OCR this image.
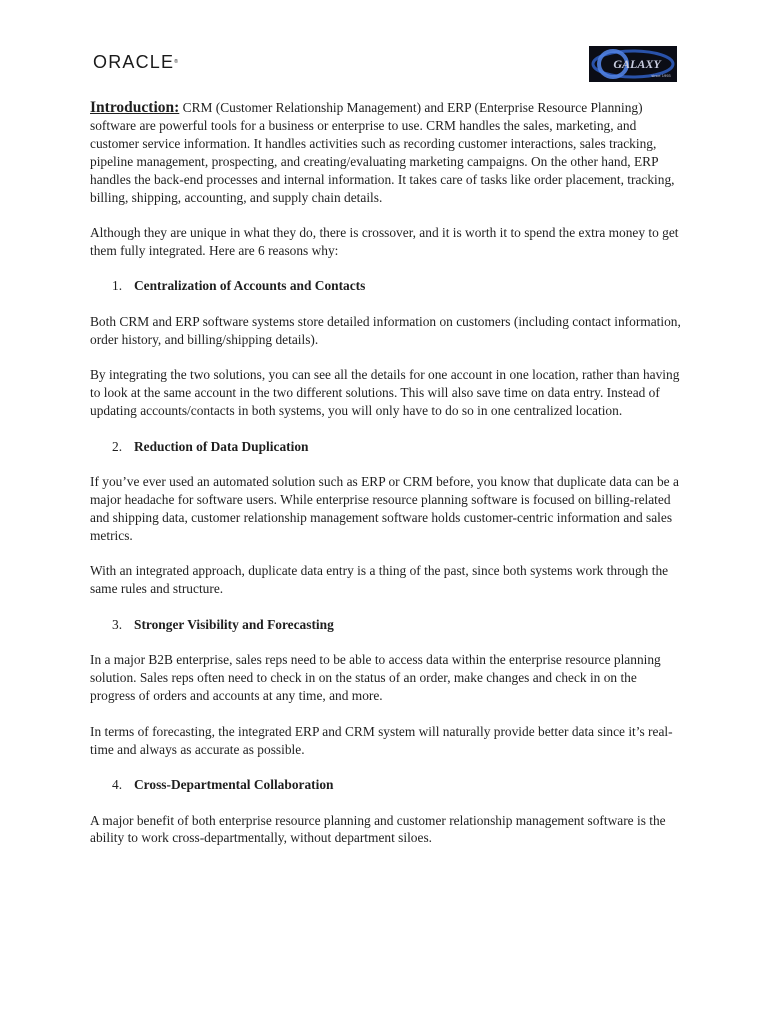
ORACLE®	GALAXY
since 1993

Introduction: CRM (Customer Relationship Management) and ERP (Enterprise Resource Planning) software are powerful tools for a business or enterprise to use. CRM handles the sales, marketing, and customer service information. It handles activities such as recording customer interactions, sales tracking, pipeline management, prospecting, and creating/evaluating marketing campaigns. On the other hand, ERP handles the back-end processes and internal information. It takes care of tasks like order placement, tracking, billing, shipping, accounting, and supply chain details.

Although they are unique in what they do, there is crossover, and it is worth it to spend the extra money to get them fully integrated. Here are 6 reasons why:

1. Centralization of Accounts and Contacts

Both CRM and ERP software systems store detailed information on customers (including contact information, order history, and billing/shipping details).

By integrating the two solutions, you can see all the details for one account in one location, rather than having to look at the same account in the two different solutions. This will also save time on data entry. Instead of updating accounts/contacts in both systems, you will only have to do so in one centralized location.

2. Reduction of Data Duplication

If you’ve ever used an automated solution such as ERP or CRM before, you know that duplicate data can be a major headache for software users. While enterprise resource planning software is focused on billing-related and shipping data, customer relationship management software holds customer-centric information and sales metrics.

With an integrated approach, duplicate data entry is a thing of the past, since both systems work through the same rules and structure.

3. Stronger Visibility and Forecasting

In a major B2B enterprise, sales reps need to be able to access data within the enterprise resource planning solution. Sales reps often need to check in on the status of an order, make changes and check in on the progress of orders and accounts at any time, and more.

In terms of forecasting, the integrated ERP and CRM system will naturally provide better data since it’s real-time and always as accurate as possible.

4. Cross-Departmental Collaboration

A major benefit of both enterprise resource planning and customer relationship management software is the ability to work cross-departmentally, without department siloes.
